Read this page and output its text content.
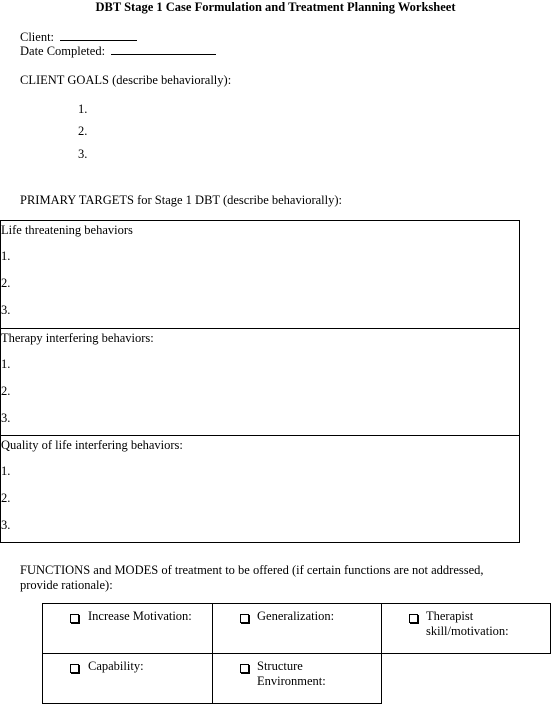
DBT Stage 1 Case Formulation and Treatment Planning Worksheet
Client:
Date Completed:
CLIENT GOALS (describe behaviorally):
1.
2.
3.
PRIMARY TARGETS for Stage 1 DBT (describe behaviorally):
Life threatening behaviors
1.
2.
3.
Therapy interfering behaviors:
1.
2.
3.
Quality of life interfering behaviors:
1.
2.
3.
FUNCTIONS and MODES of treatment to be offered (if certain functions are not addressed,
provide rationale):
Increase Motivation:	Generalization:	Therapist skill/motivation:
Capability:	Structure Environment:
